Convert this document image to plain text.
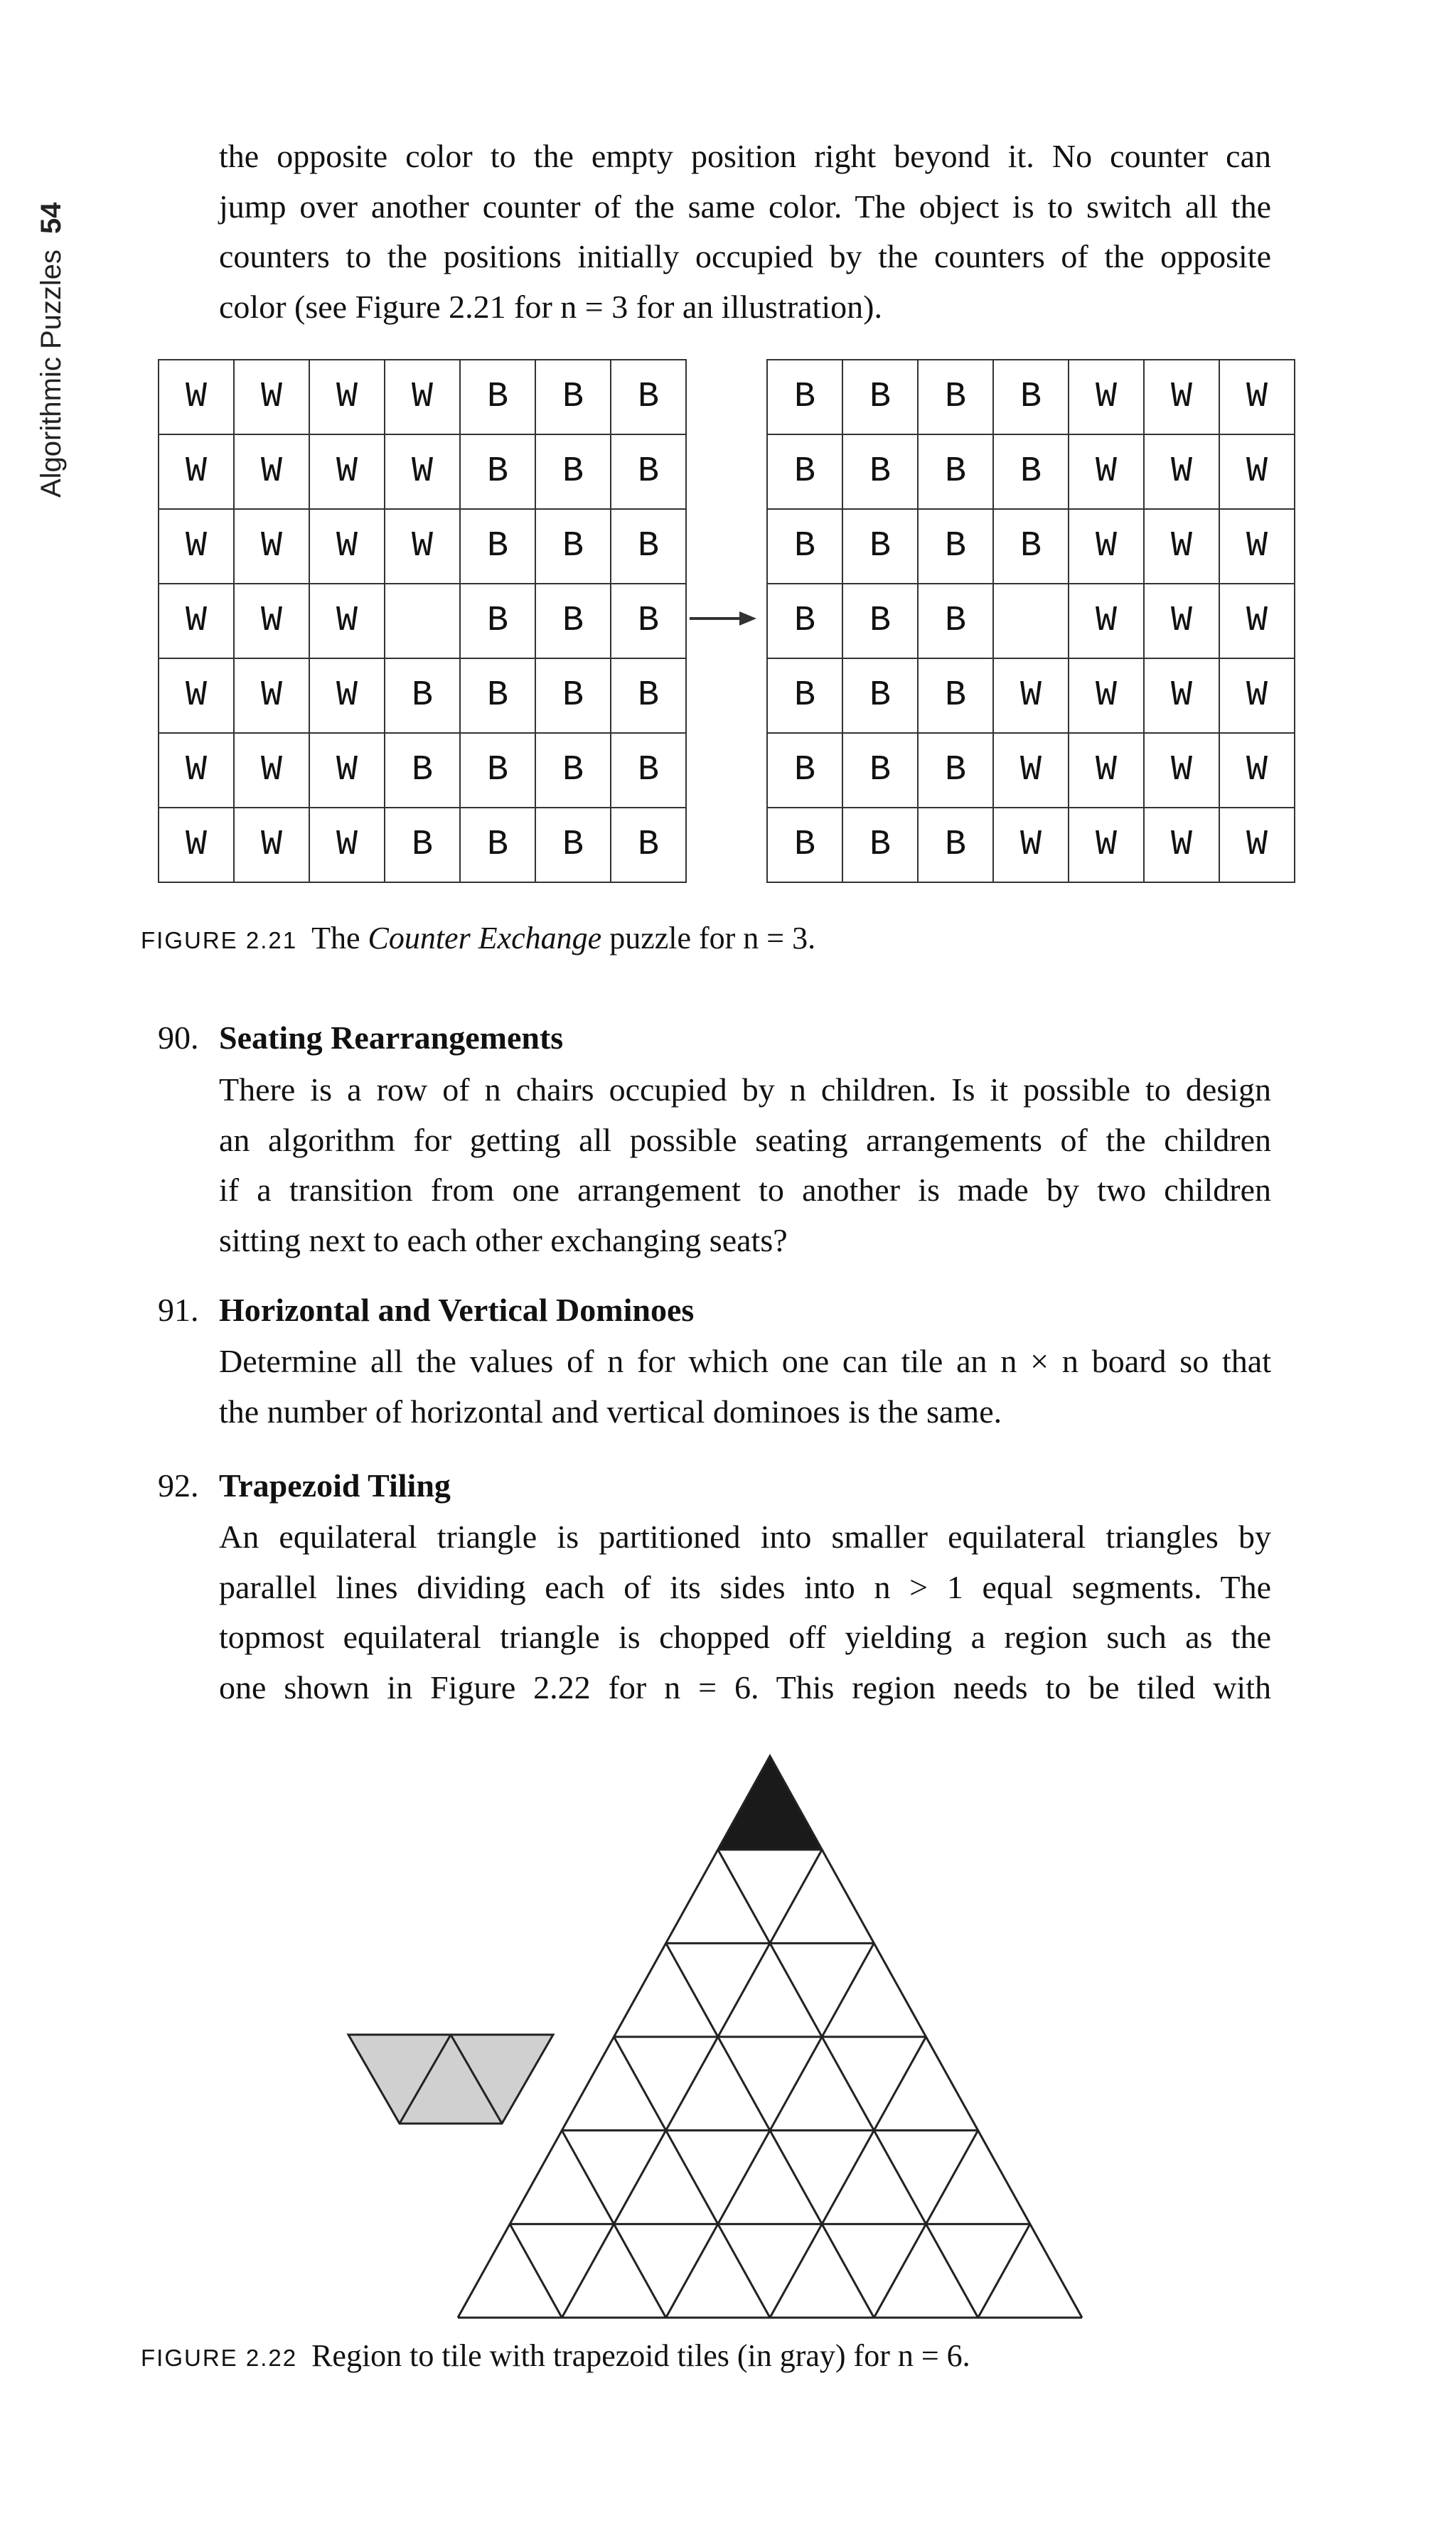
Algorithmic Puzzles54
the opposite color to the empty position right beyond it. No counter can
jump over another counter of the same color. The object is to switch all the
counters to the positions initially occupied by the counters of the opposite
color (see Figure 2.21 for n = 3 for an illustration).
W	W	W	W	B	B	B
W	W	W	W	B	B	B
W	W	W	W	B	B	B
W	W	W		B	B	B
W	W	W	B	B	B	B
W	W	W	B	B	B	B
W	W	W	B	B	B	B
B	B	B	B	W	W	W
B	B	B	B	W	W	W
B	B	B	B	W	W	W
B	B	B		W	W	W
B	B	B	W	W	W	W
B	B	B	W	W	W	W
B	B	B	W	W	W	W
FIGURE 2.21 The Counter Exchange puzzle for n = 3.
90. Seating Rearrangements
There is a row of n chairs occupied by n children. Is it possible to design
an algorithm for getting all possible seating arrangements of the children
if a transition from one arrangement to another is made by two children
sitting next to each other exchanging seats?
91. Horizontal and Vertical Dominoes
Determine all the values of n for which one can tile an n × n board so that
the number of horizontal and vertical dominoes is the same.
92. Trapezoid Tiling
An equilateral triangle is partitioned into smaller equilateral triangles by
parallel lines dividing each of its sides into n > 1 equal segments. The
topmost equilateral triangle is chopped off yielding a region such as the
one shown in Figure 2.22 for n = 6. This region needs to be tiled with
FIGURE 2.22 Region to tile with trapezoid tiles (in gray) for n = 6.
